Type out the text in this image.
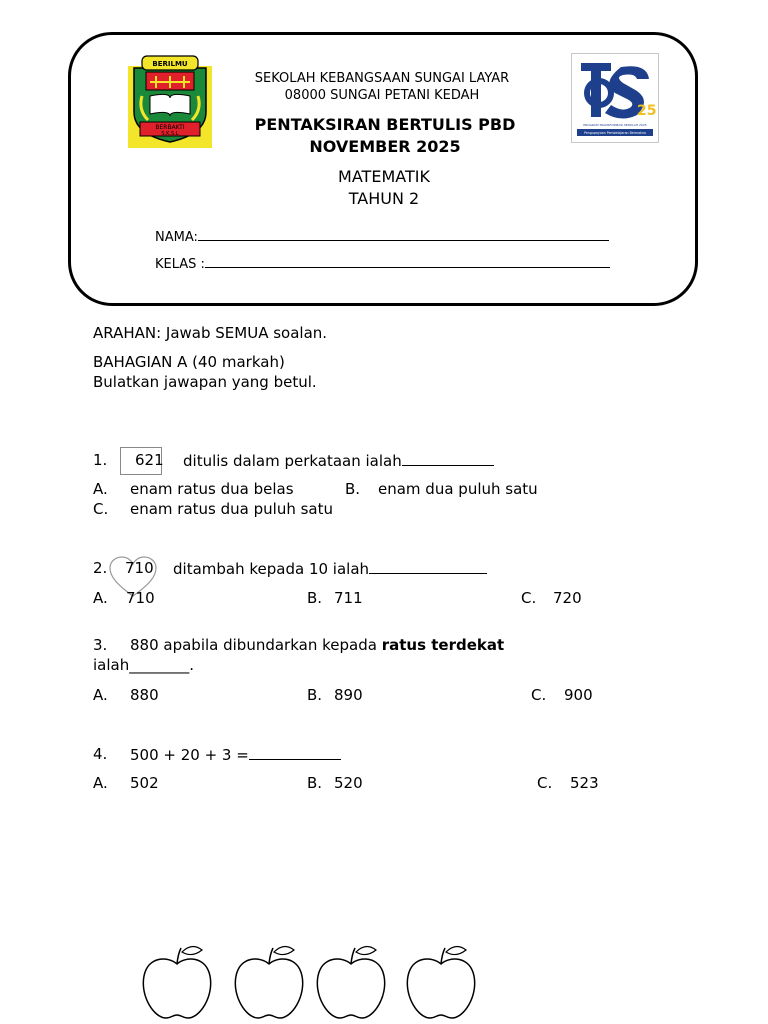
BERILMU
BERBAKTI
S.K.S.L
25
PROGRAM TRANSFORMASI SEKOLAH 2025
Pengupayaan Pembelajaran Bermakna
SEKOLAH KEBANGSAAN SUNGAI LAYAR
08000 SUNGAI PETANI KEDAH
PENTAKSIRAN BERTULIS PBD
NOVEMBER 2025
MATEMATIK
TAHUN 2
NAMA:
KELAS :
ARAHAN: Jawab SEMUA soalan.
BAHAGIAN A (40 markah)
Bulatkan jawapan yang betul.
1. 621 ditulis dalam perkataan ialah
A. enam ratus dua belas	B. enam dua puluh satu
C. enam ratus dua puluh satu
2. 710 ditambah kepada 10 ialah
A. 710	B. 711	C. 720
3. 880 apabila dibundarkan kepada ratus terdekat
ialah________.
A. 880	B. 890	C. 900
4. 500 + 20 + 3 =
A. 502	B. 520	C. 523
